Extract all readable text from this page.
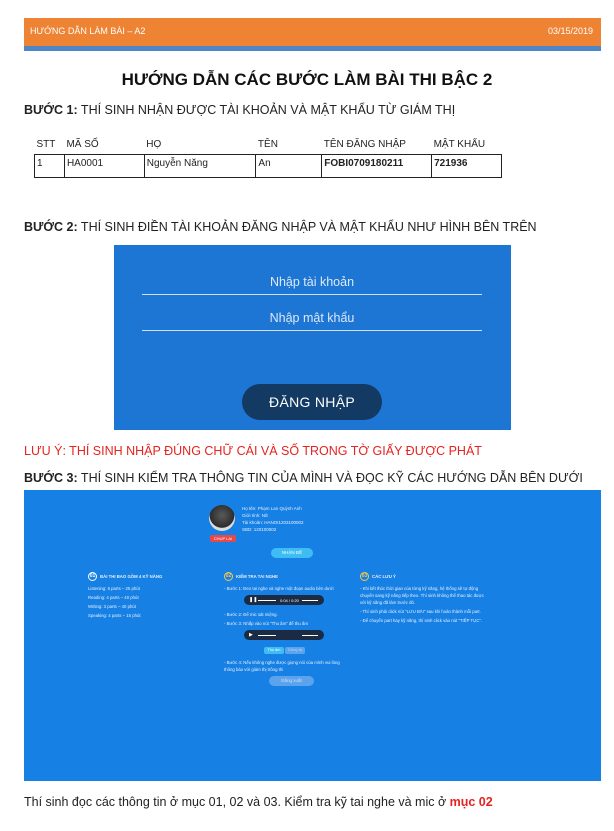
HƯỚNG DẪN LÀM BÀI – A2	03/15/2019
HƯỚNG DẪN CÁC BƯỚC LÀM BÀI THI BẬC 2
BƯỚC 1: THÍ SINH NHẬN ĐƯỢC TÀI KHOẢN VÀ MẬT KHẨU TỪ GIÁM THỊ
STT	MÃ SỐ	HỌ	TÊN	TÊN ĐĂNG NHẬP	MẬT KHẨU
1	HA0001	Nguyễn Năng	An	FOBI0709180211	721936
BƯỚC 2: THÍ SINH ĐIỀN TÀI KHOẢN ĐĂNG NHẬP VÀ MẬT KHẨU NHƯ HÌNH BÊN TRÊN
Nhập tài khoản
Nhập mật khẩu
ĐĂNG NHẬP
LƯU Ý: THÍ SINH NHẬP ĐÚNG CHỮ CÁI VÀ SỐ TRONG TỜ GIẤY ĐƯỢC PHÁT
BƯỚC 3: THÍ SINH KIỂM TRA THÔNG TIN CỦA MÌNH VÀ ĐỌC KỸ CÁC HƯỚNG DẪN BÊN DƯỚI
CHỤP LẠI
Họ tên: Phạm Lan Quỳnh Anh
Giới tính: Nữ
Tài khoản: HANOI1203100002
SBD: 120100002
NHẬN ĐỀ
01	BÀI THI BAO GỒM 4 KỸ NĂNG

Listening: 5 parts – 25 phút

Reading: 4 parts – 40 phút

Writing: 3 parts – 40 phút

Speaking: 4 parts – 15 phút

02	KIỂM TRA TAI NGHE

- Bước 1: Đeo tai nghe và nghe một đoạn audio bên dưới

❚❚	0:04 / 0:20

- Bước 2: Để mic sát miệng.

- Bước 3: Nhấp vào nút "Thu âm" để thu âm

▶
Thu âm Dừng lại

- Bước 4: Nếu không nghe được giọng nói của mình vui lòng thông báo với giám thị trông thi

03	CÁC LƯU Ý

- Khi kết thúc thời gian của từng kỹ năng, hệ thống sẽ tự động chuyển sang kỹ năng tiếp theo. Thí sinh không thể thao tác được với kỹ năng đã làm trước đó.

- Thí sinh phải click nút "LƯU BÀI" sau khi hoàn thành mỗi part.

- Để chuyển part hay kỹ năng, thí sinh click vào nút "TIẾP TỤC".

Đăng xuất
Thí sinh đọc các thông tin ở mục 01, 02 và 03. Kiểm tra kỹ tai nghe và mic ở mục 02
